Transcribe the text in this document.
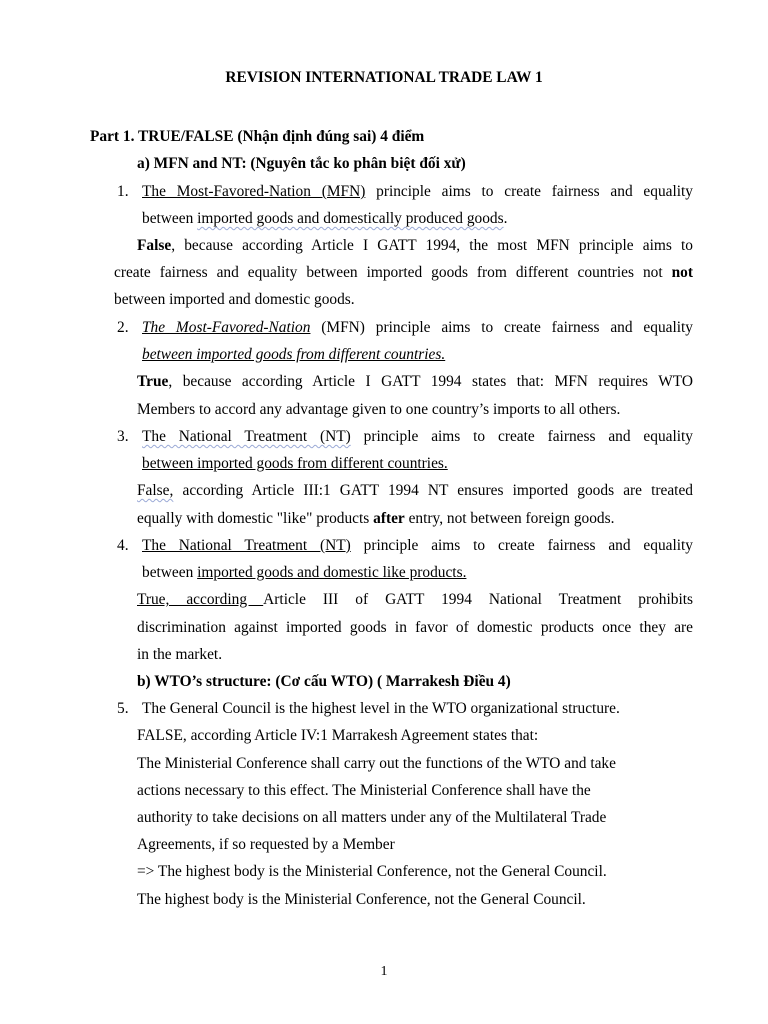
REVISION INTERNATIONAL TRADE LAW 1
Part 1. TRUE/FALSE (Nhận định đúng sai) 4 điểm
a) MFN and NT: (Nguyên tắc ko phân biệt đối xử)
1. The Most-Favored-Nation (MFN) principle aims to create fairness and equality
between imported goods and domestically produced goods.
False, because according Article I GATT 1994, the most MFN principle aims to
create fairness and equality between imported goods from different countries not not
between imported and domestic goods.
2. The Most-Favored-Nation (MFN) principle aims to create fairness and equality
between imported goods from different countries.
True, because according Article I GATT 1994 states that: MFN requires WTO
Members to accord any advantage given to one country’s imports to all others.
3. The National Treatment (NT) principle aims to create fairness and equality
between imported goods from different countries.
False, according Article III:1 GATT 1994 NT ensures imported goods are treated
equally with domestic "like" products after entry, not between foreign goods.
4. The National Treatment (NT) principle aims to create fairness and equality
between imported goods and domestic like products.
True, according Article III of GATT 1994 National Treatment prohibits
discrimination against imported goods in favor of domestic products once they are
in the market.
b) WTO’s structure: (Cơ cấu WTO) ( Marrakesh Điều 4)
5. The General Council is the highest level in the WTO organizational structure.
FALSE, according Article IV:1 Marrakesh Agreement states that:
The Ministerial Conference shall carry out the functions of the WTO and take
actions necessary to this effect. The Ministerial Conference shall have the
authority to take decisions on all matters under any of the Multilateral Trade
Agreements, if so requested by a Member
=> The highest body is the Ministerial Conference, not the General Council.
The highest body is the Ministerial Conference, not the General Council.
1
